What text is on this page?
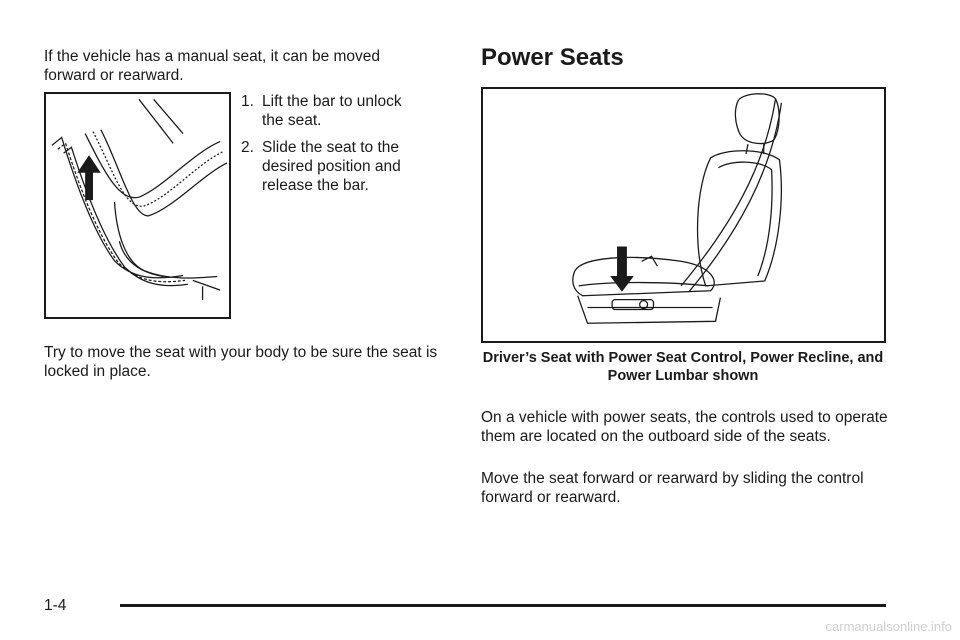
If the vehicle has a manual seat, it can be moved forward or rearward.

1. Lift the bar to unlock the seat.
2. Slide the seat to the desired position and release the bar.

Try to move the seat with your body to be sure the seat is locked in place.

Power Seats
Driver’s Seat with Power Seat Control, Power Recline, and Power Lumbar shown

On a vehicle with power seats, the controls used to operate them are located on the outboard side of the seats.

Move the seat forward or rearward by sliding the control forward or rearward.

1-4
carmanualsonline.info
